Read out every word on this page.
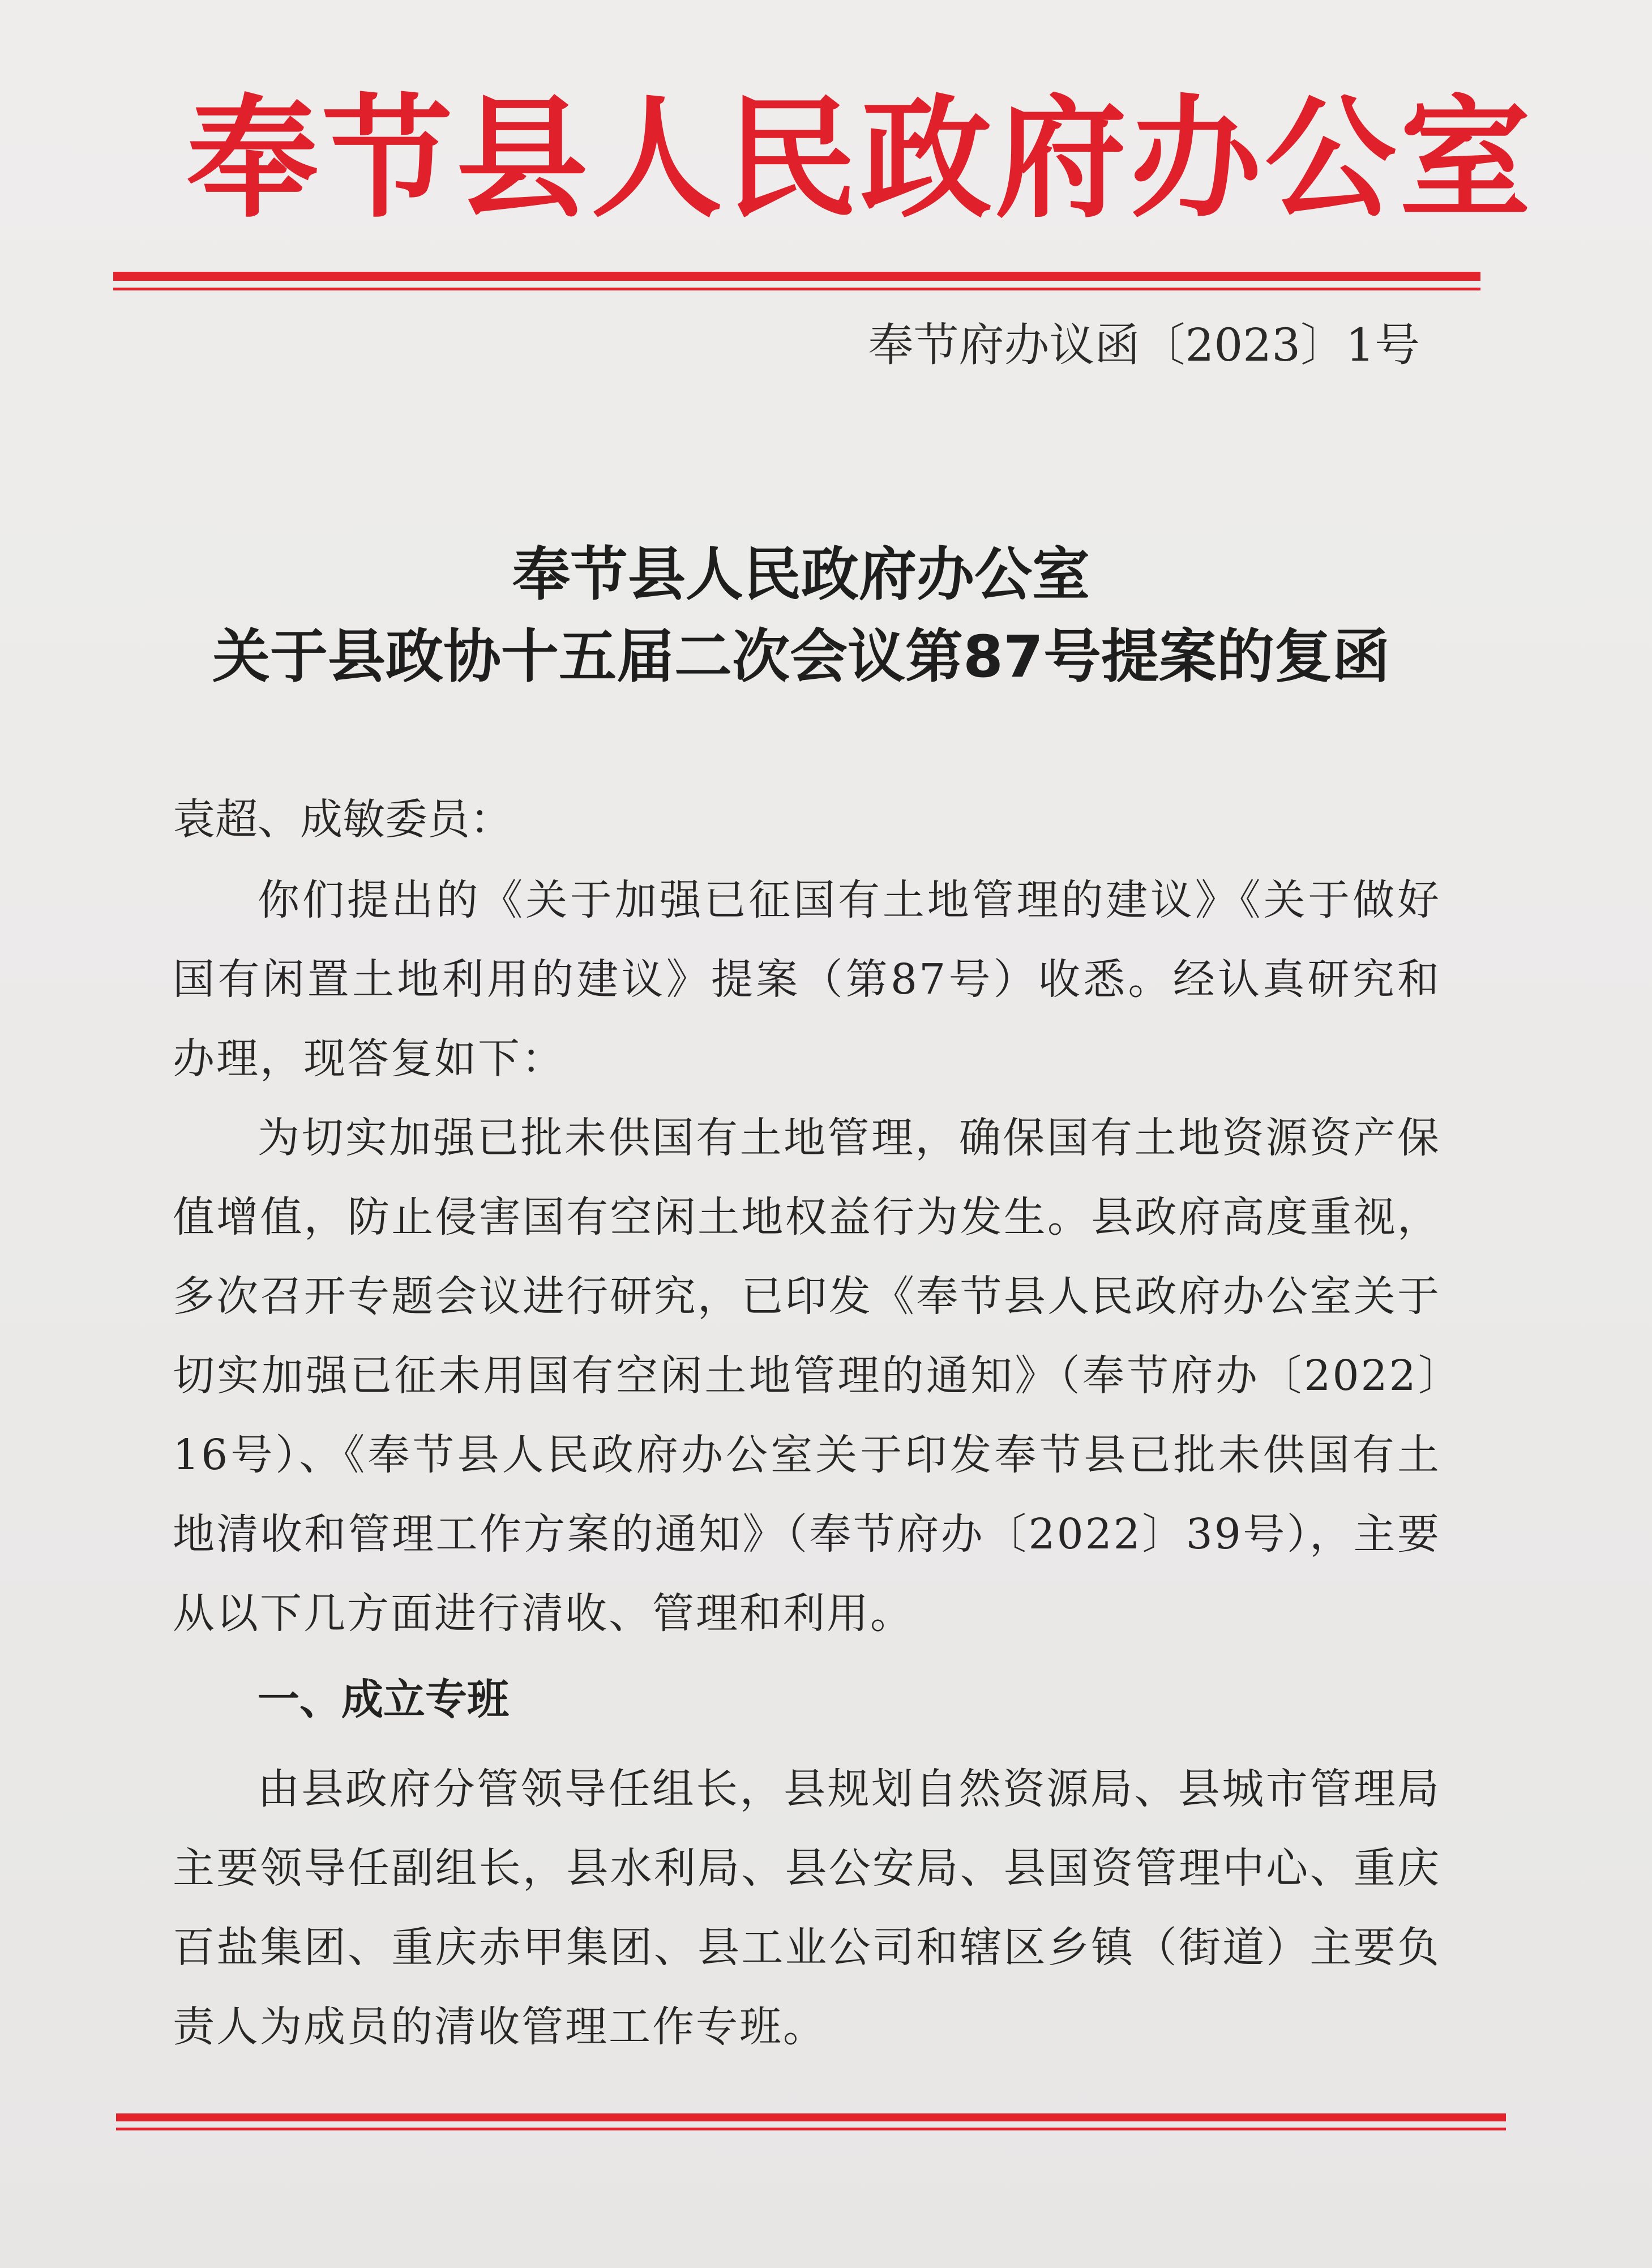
奉节县人民政府办公室
奉节府办议函〔2023〕1号
奉节县人民政府办公室
关于县政协十五届二次会议第87号提案的复函
袁超、成敏委员：
你们提出的《关于加强已征国有土地管理的建议》《关于做好国有闲置土地利用的建议》提案（第87号）收悉。经认真研究和办理，现答复如下：
为切实加强已批未供国有土地管理，确保国有土地资源资产保值增值，防止侵害国有空闲土地权益行为发生。县政府高度重视，多次召开专题会议进行研究，已印发《奉节县人民政府办公室关于切实加强已征未用国有空闲土地管理的通知》（奉节府办〔2022〕16号）、《奉节县人民政府办公室关于印发奉节县已批未供国有土地清收和管理工作方案的通知》（奉节府办〔2022〕39号），主要从以下几方面进行清收、管理和利用。
一、成立专班
由县政府分管领导任组长，县规划自然资源局、县城市管理局主要领导任副组长，县水利局、县公安局、县国资管理中心、重庆百盐集团、重庆赤甲集团、县工业公司和辖区乡镇（街道）主要负责人为成员的清收管理工作专班。
